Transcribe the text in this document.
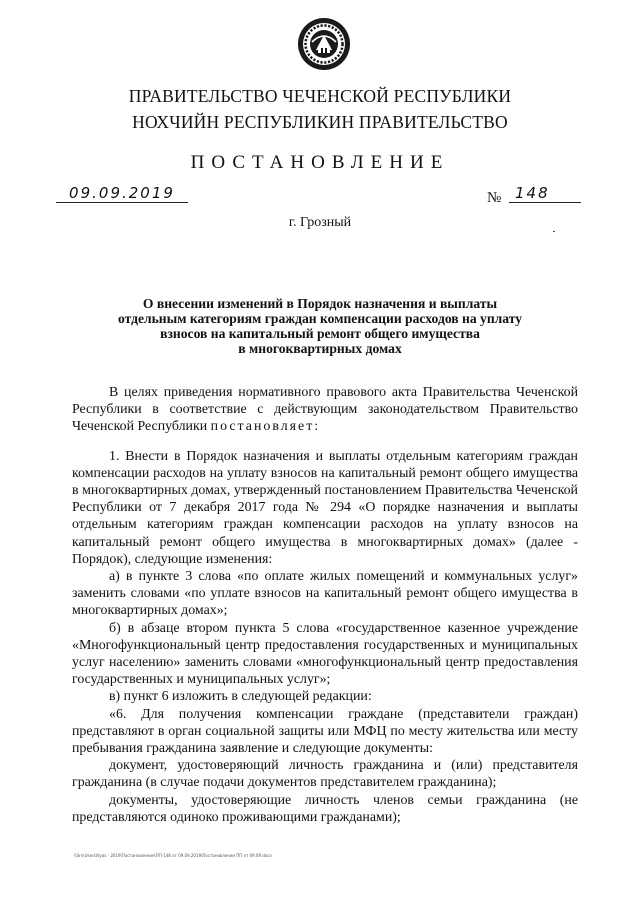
ПРАВИТЕЛЬСТВО ЧЕЧЕНСКОЙ РЕСПУБЛИКИ
НОХЧИЙН РЕСПУБЛИКИН ПРАВИТЕЛЬСТВО
ПОСТАНОВЛЕНИЕ
09.09.2019	№ 148
г. Грозный
О внесении изменений в Порядок назначения и выплаты
отдельным категориям граждан компенсации расходов на уплату
взносов на капитальный ремонт общего имущества
в многоквартирных домах

В целях приведения нормативного правового акта Правительства Чеченской Республики в соответствие с действующим законодательством Правительство Чеченской Республики постановляет:

1. Внести в Порядок назначения и выплаты отдельным категориям граждан компенсации расходов на уплату взносов на капитальный ремонт общего имущества в многоквартирных домах, утвержденный постановлением Правительства Чеченской Республики от 7 декабря 2017 года № 294 «О порядке назначения и выплаты отдельным категориям граждан компенсации расходов на уплату взносов на капитальный ремонт общего имущества в многоквартирных домах» (далее - Порядок), следующие изменения:

а) в пункте 3 слова «по оплате жилых помещений и коммунальных услуг» заменить словами «по уплате взносов на капитальный ремонт общего имущества в многоквартирных домах»;

б) в абзаце втором пункта 5 слова «государственное казенное учреждение «Многофункциональный центр предоставления государственных и муниципальных услуг населению» заменить словами «многофункциональный центр предоставления государственных и муниципальных услуг»;

в) пункт 6 изложить в следующей редакции:

«6. Для получения компенсации граждане (представители граждан) представляют в орган социальной защиты или МФЦ по месту жительства или месту пребывания гражданина заявление и следующие документы:

документ, удостоверяющий личность гражданина и (или) представителя гражданина (в случае подачи документов представителем гражданина);

документы, удостоверяющие личность членов семьи гражданина (не представляются одиноко проживающими гражданами);

\\Srv\Users\Ilyas - 2019\Постановление\ПП-148 от 09.09.2019\Постановление ПП от 09.09.docx
